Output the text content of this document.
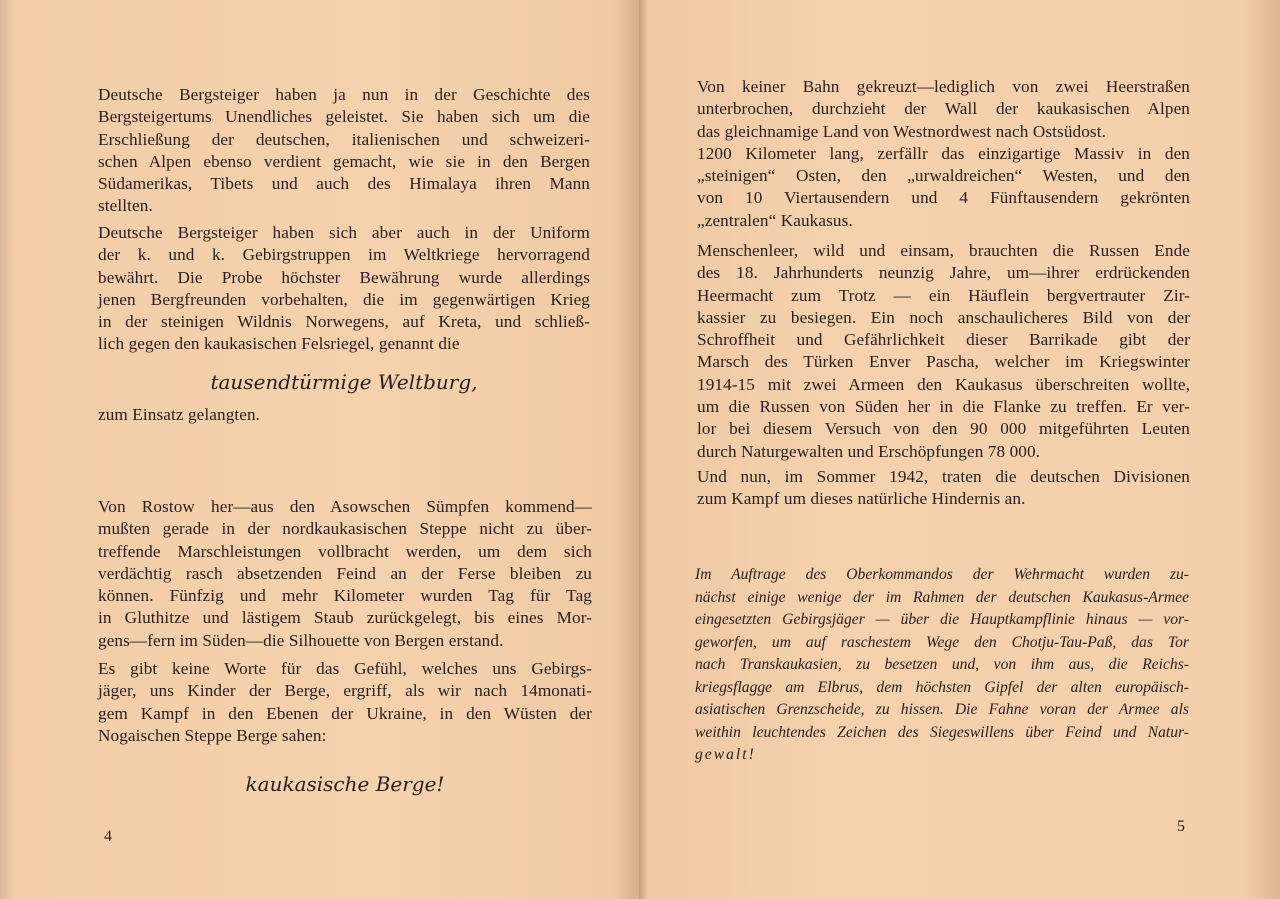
Deutsche Bergsteiger haben ja nun in der Geschichte des

Bergsteigertums Unendliches geleistet. Sie haben sich um die

Erschließung der deutschen, italienischen und schweizeri-

schen Alpen ebenso verdient gemacht, wie sie in den Bergen

Südamerikas, Tibets und auch des Himalaya ihren Mann

stellten.

Deutsche Bergsteiger haben sich aber auch in der Uniform

der k. und k. Gebirgstruppen im Weltkriege hervorragend

bewährt. Die Probe höchster Bewährung wurde allerdings

jenen Bergfreunden vorbehalten, die im gegenwärtigen Krieg

in der steinigen Wildnis Norwegens, auf Kreta, und schließ-

lich gegen den kaukasischen Felsriegel, genannt die

tausendtürmige Weltburg,

zum Einsatz gelangten.

Von Rostow her—aus den Asowschen Sümpfen kommend—

mußten gerade in der nordkaukasischen Steppe nicht zu über-

treffende Marschleistungen vollbracht werden, um dem sich

verdächtig rasch absetzenden Feind an der Ferse bleiben zu

können. Fünfzig und mehr Kilometer wurden Tag für Tag

in Gluthitze und lästigem Staub zurückgelegt, bis eines Mor-

gens—fern im Süden—die Silhouette von Bergen erstand.

Es gibt keine Worte für das Gefühl, welches uns Gebirgs-

jäger, uns Kinder der Berge, ergriff, als wir nach 14monati-

gem Kampf in den Ebenen der Ukraine, in den Wüsten der

Nogaischen Steppe Berge sahen:

kaukasische Berge!
4

Von keiner Bahn gekreuzt—lediglich von zwei Heerstraßen

unterbrochen, durchzieht der Wall der kaukasischen Alpen

das gleichnamige Land von Westnordwest nach Ostsüdost.

1200 Kilometer lang, zerfällr das einzigartige Massiv in den

„steinigen“ Osten, den „urwaldreichen“ Westen, und den

von 10 Viertausendern und 4 Fünftausendern gekrönten

„zentralen“ Kaukasus.

Menschenleer, wild und einsam, brauchten die Russen Ende

des 18. Jahrhunderts neunzig Jahre, um—ihrer erdrückenden

Heermacht zum Trotz — ein Häuflein bergvertrauter Zir-

kassier zu besiegen. Ein noch anschaulicheres Bild von der

Schroffheit und Gefährlichkeit dieser Barrikade gibt der

Marsch des Türken Enver Pascha, welcher im Kriegswinter

1914-15 mit zwei Armeen den Kaukasus überschreiten wollte,

um die Russen von Süden her in die Flanke zu treffen. Er ver-

lor bei diesem Versuch von den 90 000 mitgeführten Leuten

durch Naturgewalten und Erschöpfungen 78 000.

Und nun, im Sommer 1942, traten die deutschen Divisionen

zum Kampf um dieses natürliche Hindernis an.

Im Auftrage des Oberkommandos der Wehrmacht wurden zu-

nächst einige wenige der im Rahmen der deutschen Kaukasus-Armee

eingesetzten Gebirgsjäger — über die Hauptkampflinie hinaus — vor-

geworfen, um auf raschestem Wege den Chotju-Tau-Paß, das Tor

nach Transkaukasien, zu besetzen und, von ihm aus, die Reichs-

kriegsflagge am Elbrus, dem höchsten Gipfel der alten europäisch-

asiatischen Grenzscheide, zu hissen. Die Fahne voran der Armee als

weithin leuchtendes Zeichen des Siegeswillens über Feind und Natur-

gewalt!

5
